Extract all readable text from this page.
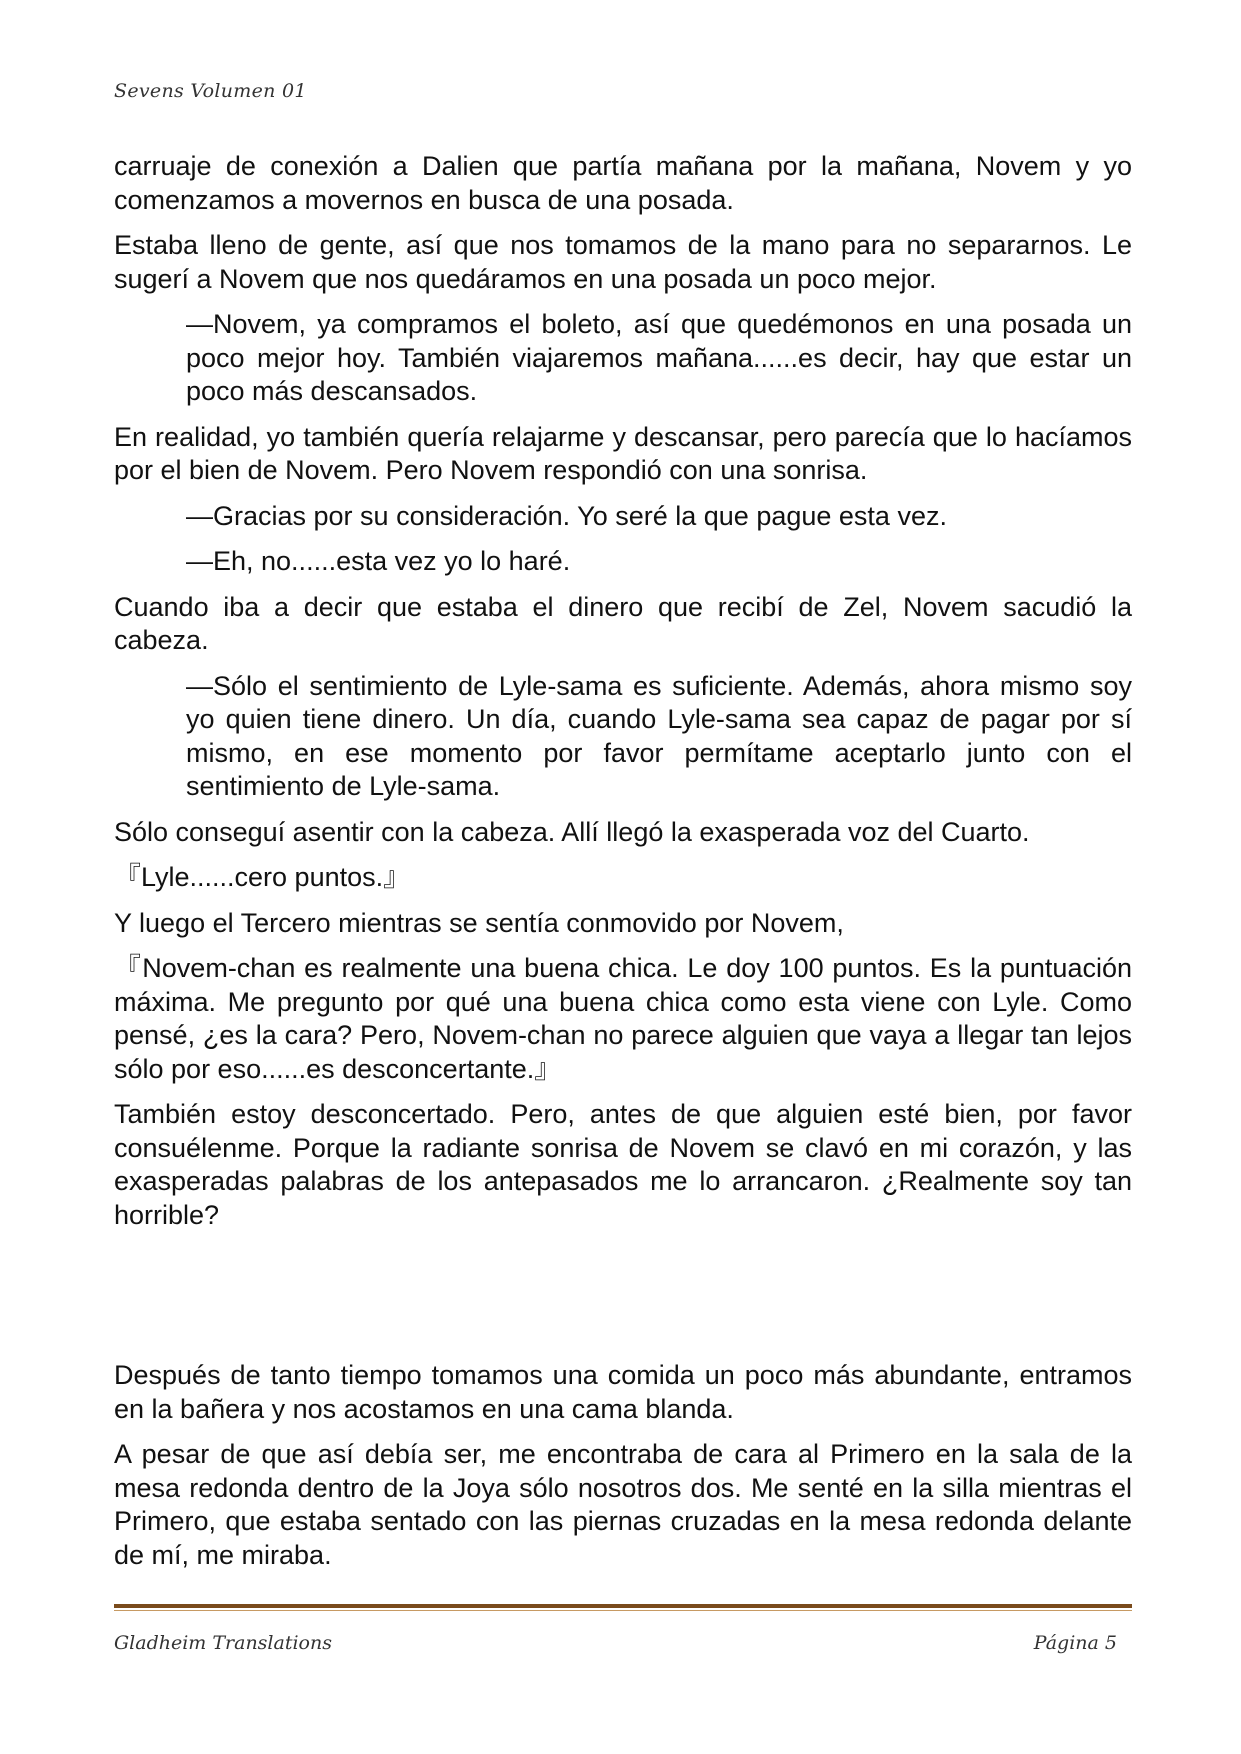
Sevens Volumen 01

carruaje de conexión a Dalien que partía mañana por la mañana, Novem y yo comenzamos a movernos en busca de una posada.

Estaba lleno de gente, así que nos tomamos de la mano para no separarnos. Le sugerí a Novem que nos quedáramos en una posada un poco mejor.

—Novem, ya compramos el boleto, así que quedémonos en una posada un poco mejor hoy. También viajaremos mañana......es decir, hay que estar un poco más descansados.

En realidad, yo también quería relajarme y descansar, pero parecía que lo hacíamos por el bien de Novem. Pero Novem respondió con una sonrisa.

—Gracias por su consideración. Yo seré la que pague esta vez.

—Eh, no......esta vez yo lo haré.

Cuando iba a decir que estaba el dinero que recibí de Zel, Novem sacudió la cabeza.

—Sólo el sentimiento de Lyle-sama es suficiente. Además, ahora mismo soy yo quien tiene dinero. Un día, cuando Lyle-sama sea capaz de pagar por sí mismo, en ese momento por favor permítame aceptarlo junto con el sentimiento de Lyle-sama.

Sólo conseguí asentir con la cabeza. Allí llegó la exasperada voz del Cuarto.

『Lyle......cero puntos.』

Y luego el Tercero mientras se sentía conmovido por Novem,

『Novem-chan es realmente una buena chica. Le doy 100 puntos. Es la puntuación máxima. Me pregunto por qué una buena chica como esta viene con Lyle. Como pensé, ¿es la cara? Pero, Novem-chan no parece alguien que vaya a llegar tan lejos sólo por eso......es desconcertante.』

También estoy desconcertado. Pero, antes de que alguien esté bien, por favor consuélenme. Porque la radiante sonrisa de Novem se clavó en mi corazón, y las exasperadas palabras de los antepasados me lo arrancaron. ¿Realmente soy tan horrible?

Después de tanto tiempo tomamos una comida un poco más abundante, entramos en la bañera y nos acostamos en una cama blanda.

A pesar de que así debía ser, me encontraba de cara al Primero en la sala de la mesa redonda dentro de la Joya sólo nosotros dos. Me senté en la silla mientras el Primero, que estaba sentado con las piernas cruzadas en la mesa redonda delante de mí, me miraba.

Gladheim Translations	Página 5
